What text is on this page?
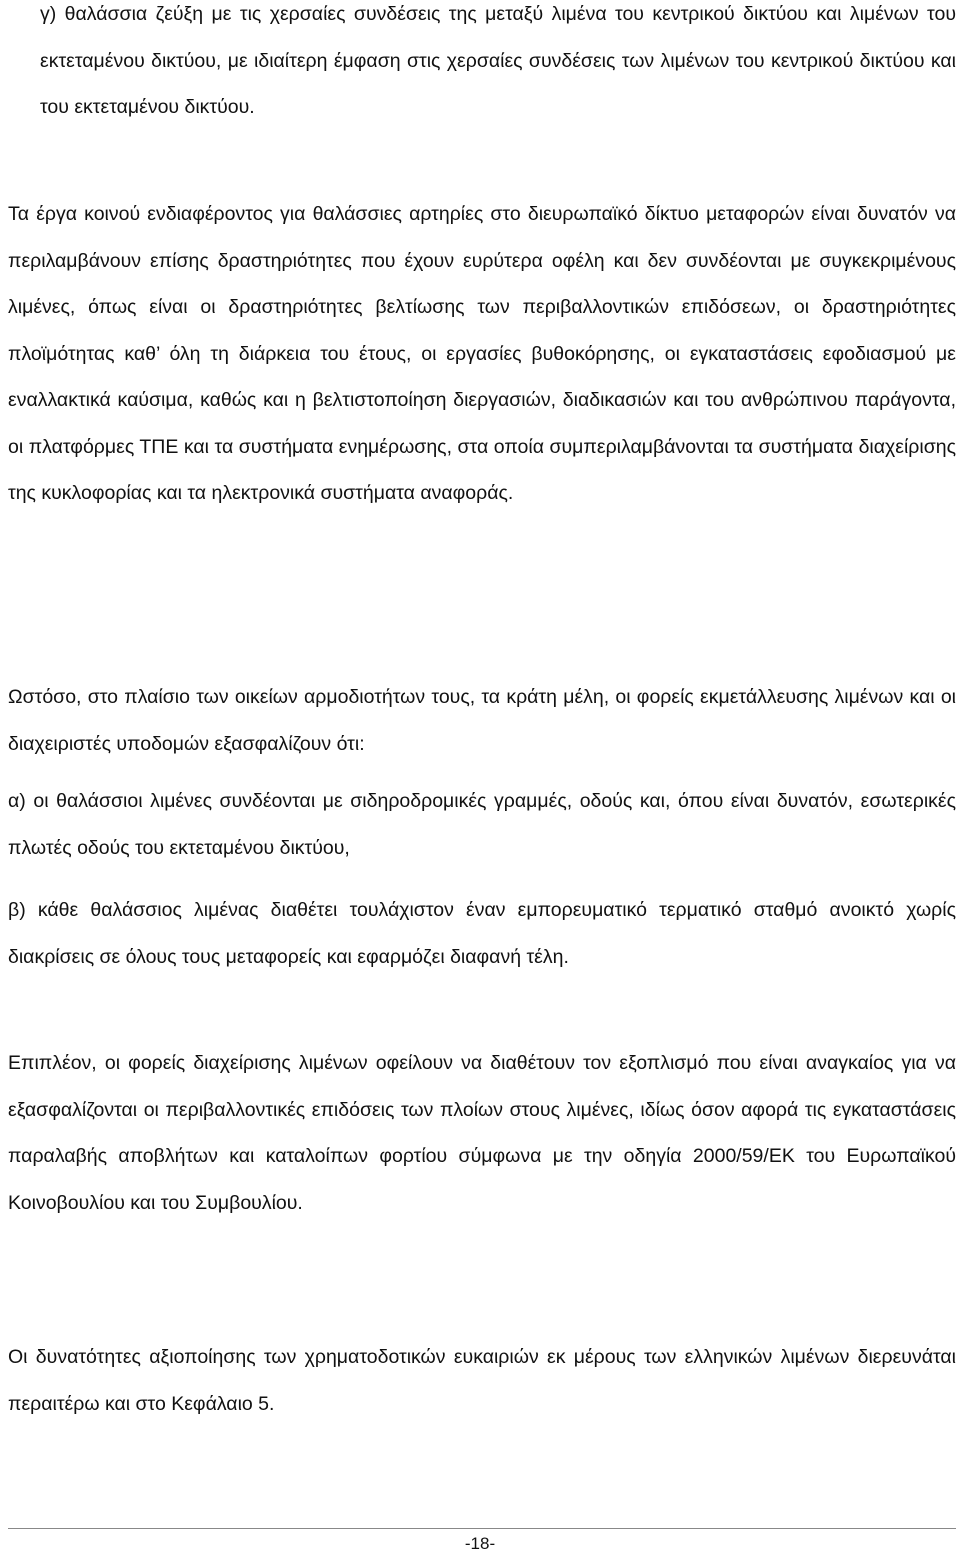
γ) θαλάσσια ζεύξη με τις χερσαίες συνδέσεις της μεταξύ λιμένα του κεντρικού δικτύου και λιμένων του εκτεταμένου δικτύου, με ιδιαίτερη έμφαση στις χερσαίες συνδέσεις των λιμένων του κεντρικού δικτύου και του εκτεταμένου δικτύου.

Τα έργα κοινού ενδιαφέροντος για θαλάσσιες αρτηρίες στο διευρωπαϊκό δίκτυο μεταφορών είναι δυνατόν να περιλαμβάνουν επίσης δραστηριότητες που έχουν ευρύτερα οφέλη και δεν συνδέονται με συγκεκριμένους λιμένες, όπως είναι οι δραστηριότητες βελτίωσης των περιβαλλοντικών επιδόσεων, οι δραστηριότητες πλοϊμότητας καθ’ όλη τη διάρκεια του έτους, οι εργασίες βυθοκόρησης, οι εγκαταστάσεις εφοδιασμού με εναλλακτικά καύσιμα, καθώς και η βελτιστοποίηση διεργασιών, διαδικασιών και του ανθρώπινου παράγοντα, οι πλατφόρμες ΤΠΕ και τα συστήματα ενημέρωσης, στα οποία συμπεριλαμβάνονται τα συστήματα διαχείρισης της κυκλοφορίας και τα ηλεκτρονικά συστήματα αναφοράς.

Ωστόσο, στο πλαίσιο των οικείων αρμοδιοτήτων τους, τα κράτη μέλη, οι φορείς εκμετάλλευσης λιμένων και οι διαχειριστές υποδομών εξασφαλίζουν ότι:

α) οι θαλάσσιοι λιμένες συνδέονται με σιδηροδρομικές γραμμές, οδούς και, όπου είναι δυνατόν, εσωτερικές πλωτές οδούς του εκτεταμένου δικτύου,

β) κάθε θαλάσσιος λιμένας διαθέτει τουλάχιστον έναν εμπορευματικό τερματικό σταθμό ανοικτό χωρίς διακρίσεις σε όλους τους μεταφορείς και εφαρμόζει διαφανή τέλη.

Επιπλέον, οι φορείς διαχείρισης λιμένων οφείλουν να διαθέτουν τον εξοπλισμό που είναι αναγκαίος για να εξασφαλίζονται οι περιβαλλοντικές επιδόσεις των πλοίων στους λιμένες, ιδίως όσον αφορά τις εγκαταστάσεις παραλαβής αποβλήτων και καταλοίπων φορτίου σύμφωνα με την οδηγία 2000/59/ΕΚ του Ευρωπαϊκού Κοινοβουλίου και του Συμβουλίου.

Οι δυνατότητες αξιοποίησης των χρηματοδοτικών ευκαιριών εκ μέρους των ελληνικών λιμένων διερευνάται περαιτέρω και στο Κεφάλαιο 5.

-18-
